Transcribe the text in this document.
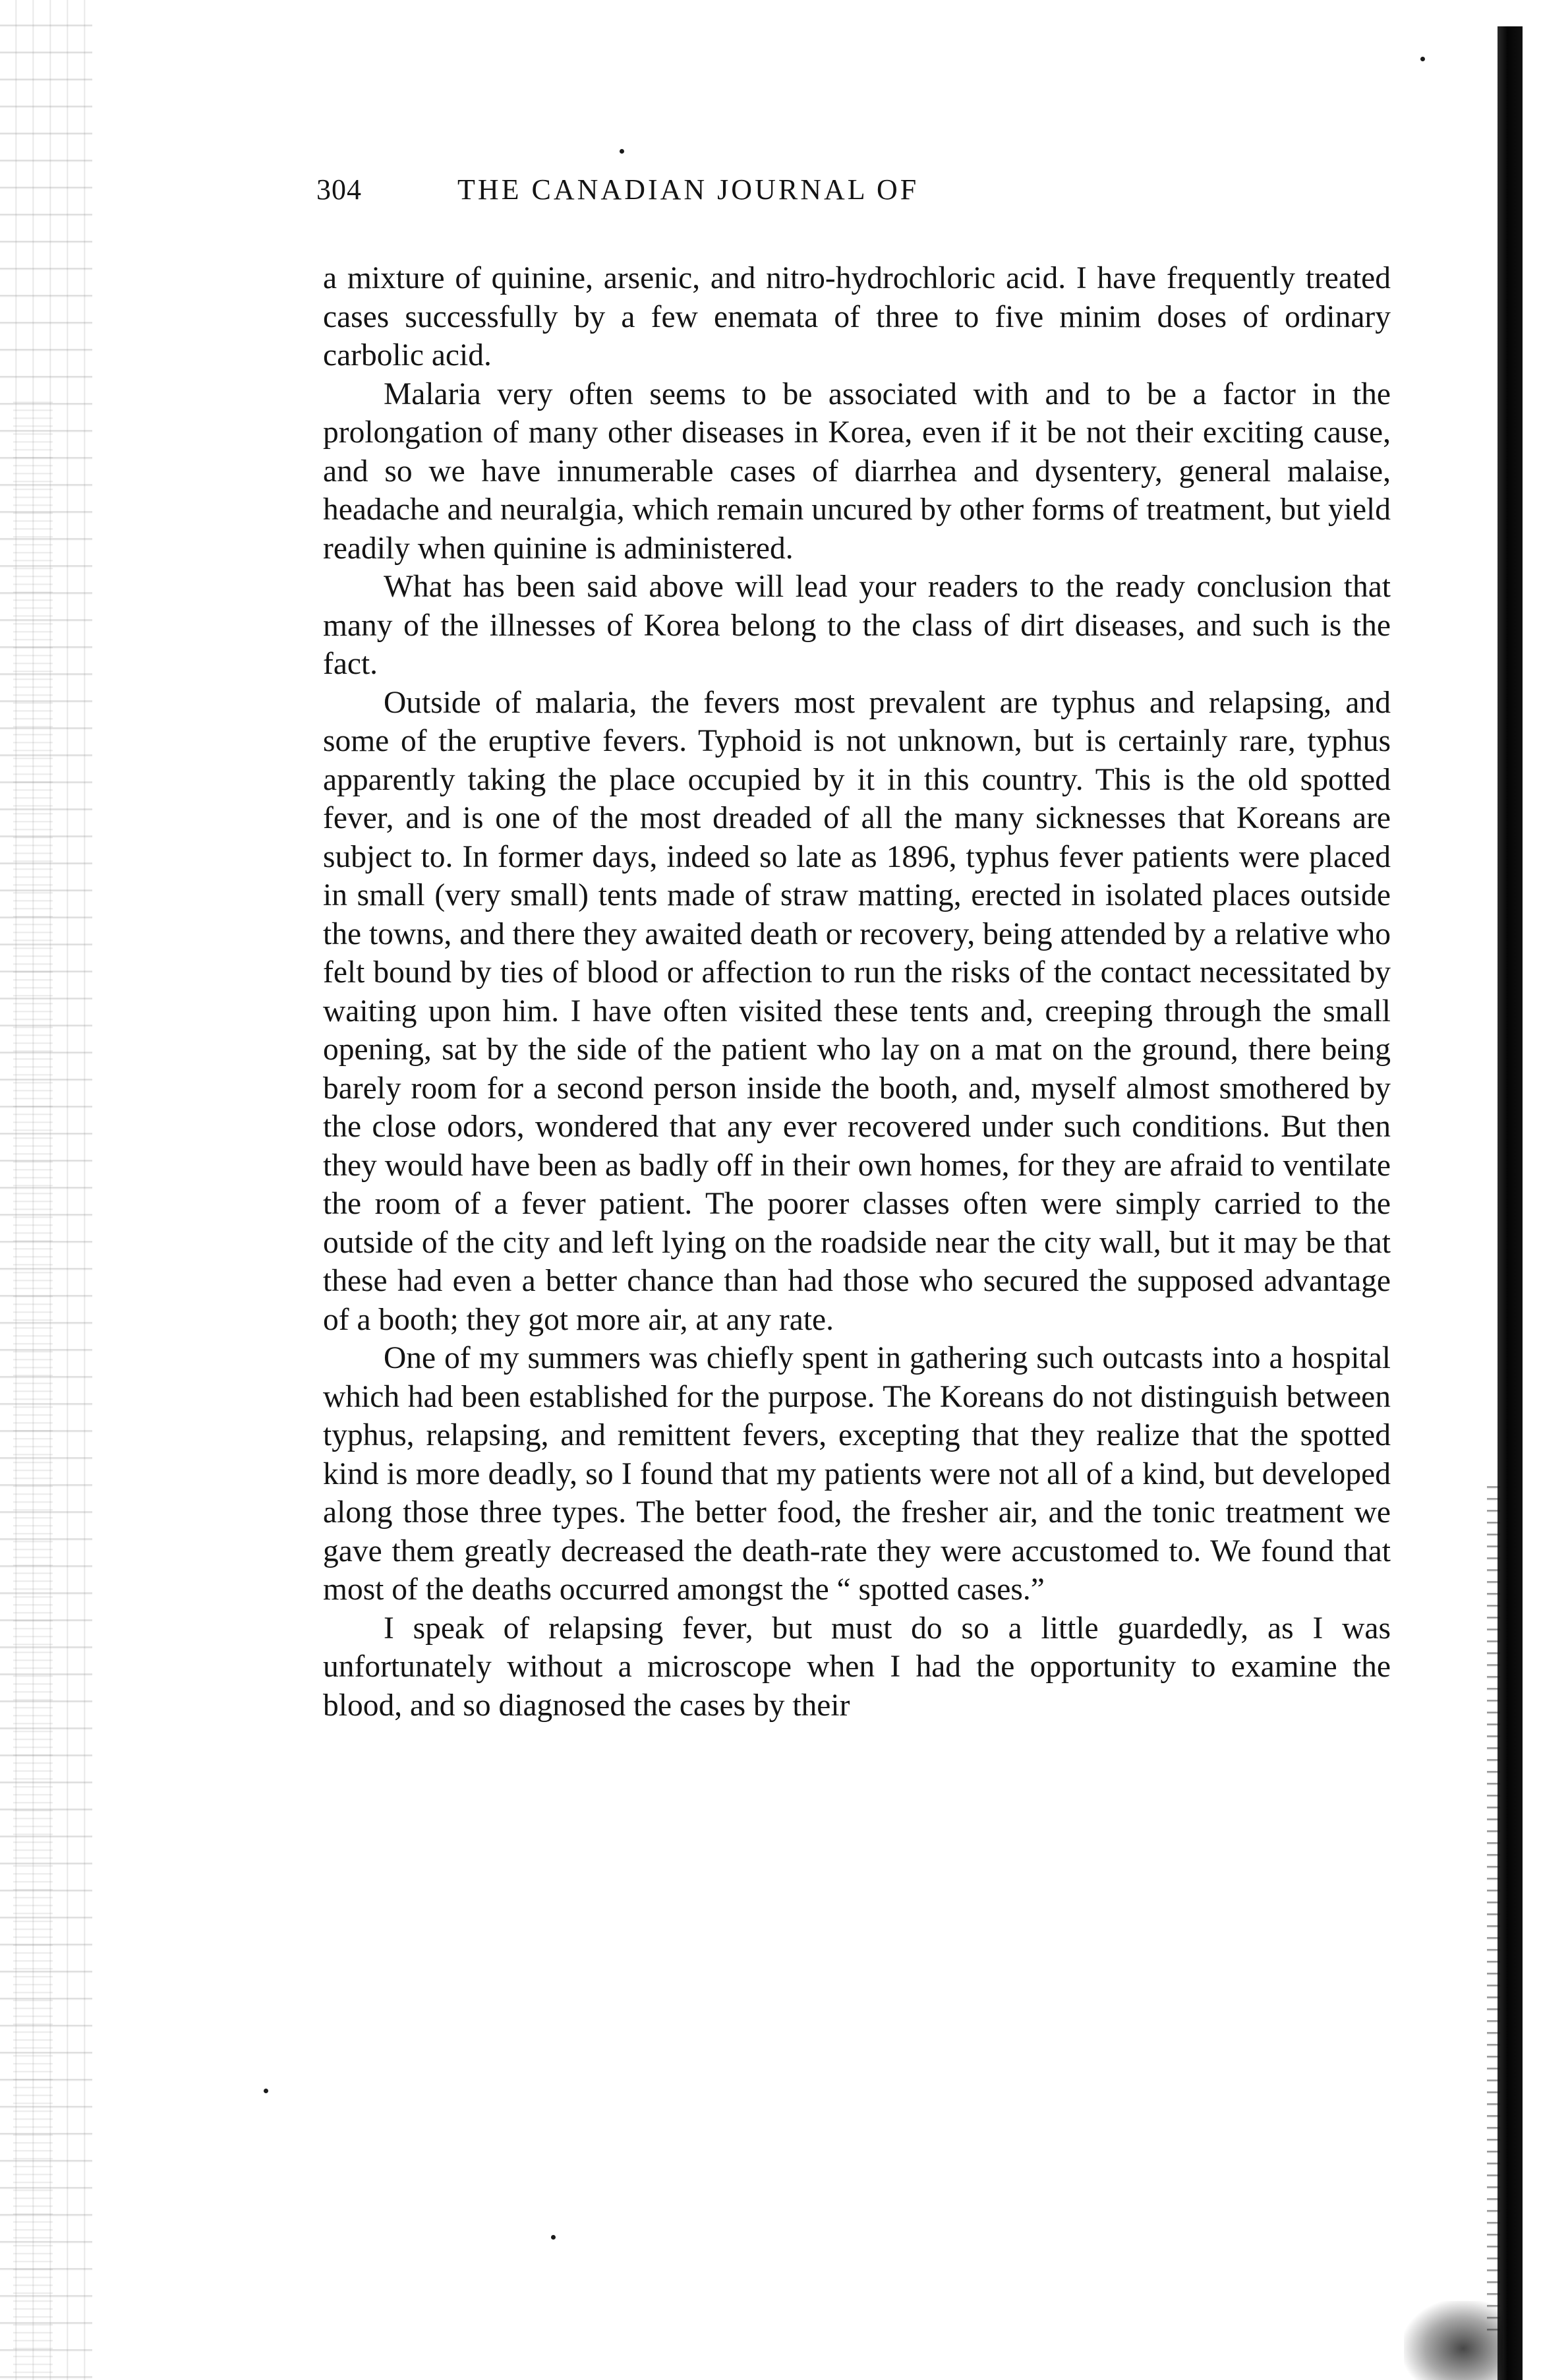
304	THE CANADIAN JOURNAL OF

a mixture of quinine, arsenic, and nitro-hydrochloric acid. I have frequently treated cases successfully by a few enemata of three to five minim doses of ordinary carbolic acid.

Malaria very often seems to be associated with and to be a factor in the prolongation of many other diseases in Korea, even if it be not their exciting cause, and so we have innumerable cases of diarrhea and dysentery, general malaise, headache and neuralgia, which remain uncured by other forms of treatment, but yield readily when quinine is administered.

What has been said above will lead your readers to the ready conclusion that many of the illnesses of Korea belong to the class of dirt diseases, and such is the fact.

Outside of malaria, the fevers most prevalent are typhus and relapsing, and some of the eruptive fevers. Typhoid is not unknown, but is certainly rare, typhus apparently taking the place occupied by it in this country. This is the old spotted fever, and is one of the most dreaded of all the many sicknesses that Koreans are subject to. In former days, indeed so late as 1896, typhus fever patients were placed in small (very small) tents made of straw matting, erected in isolated places outside the towns, and there they awaited death or recovery, being attended by a relative who felt bound by ties of blood or affection to run the risks of the contact necessitated by waiting upon him. I have often visited these tents and, creeping through the small opening, sat by the side of the patient who lay on a mat on the ground, there being barely room for a second person inside the booth, and, myself almost smothered by the close odors, wondered that any ever recovered under such conditions. But then they would have been as badly off in their own homes, for they are afraid to ventilate the room of a fever patient. The poorer classes often were simply carried to the outside of the city and left lying on the roadside near the city wall, but it may be that these had even a better chance than had those who secured the supposed advantage of a booth; they got more air, at any rate.

One of my summers was chiefly spent in gathering such outcasts into a hospital which had been established for the purpose. The Koreans do not distinguish between typhus, relapsing, and remittent fevers, excepting that they realize that the spotted kind is more deadly, so I found that my patients were not all of a kind, but developed along those three types. The better food, the fresher air, and the tonic treatment we gave them greatly decreased the death-rate they were accustomed to. We found that most of the deaths occurred amongst the “ spotted cases.”

I speak of relapsing fever, but must do so a little guardedly, as I was unfortunately without a microscope when I had the opportunity to examine the blood, and so diagnosed the cases by their
